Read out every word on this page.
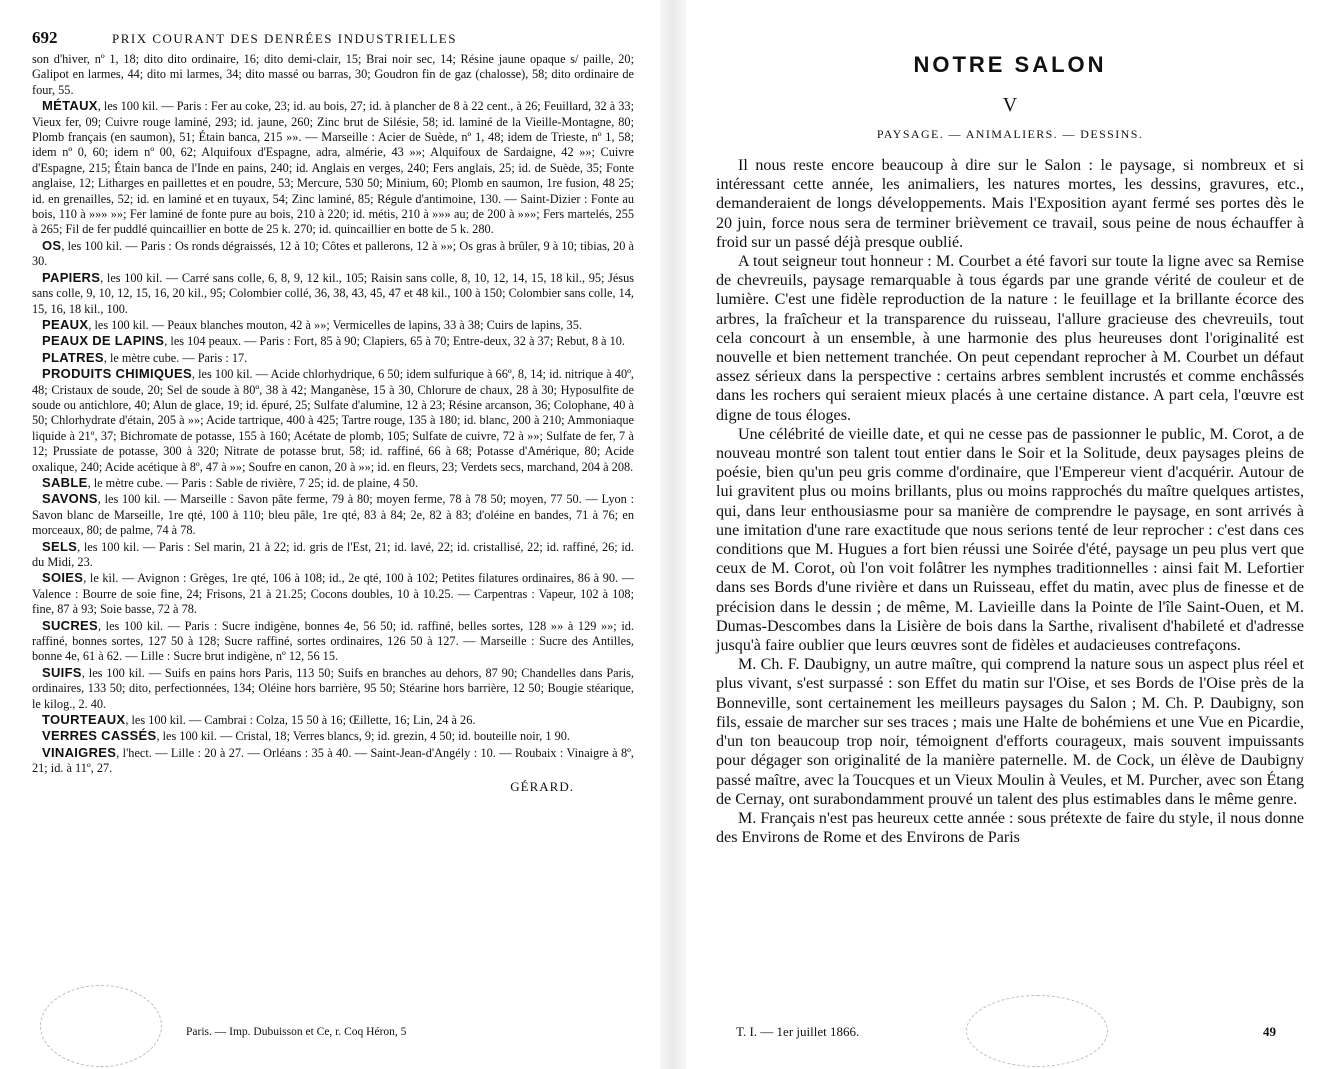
692	PRIX COURANT DES DENRÉES INDUSTRIELLES

son d'hiver, nº 1, 18; dito dito ordinaire, 16; dito demi-clair, 15; Brai noir sec, 14; Résine jaune opaque s/ paille, 20; Galipot en larmes, 44; dito mi larmes, 34; dito massé ou barras, 30; Goudron fin de gaz (chalosse), 58; dito ordinaire de four, 55.

MÉTAUX, les 100 kil. — Paris : Fer au coke, 23; id. au bois, 27; id. à plancher de 8 à 22 cent., à 26; Feuillard, 32 à 33; Vieux fer, 09; Cuivre rouge laminé, 293; id. jaune, 260; Zinc brut de Silésie, 58; id. laminé de la Vieille-Montagne, 80; Plomb français (en saumon), 51; Étain banca, 215 »». — Marseille : Acier de Suède, nº 1, 48; idem de Trieste, nº 1, 58; idem nº 0, 60; idem nº 00, 62; Alquifoux d'Espagne, adra, almérie, 43 »»; Alquifoux de Sardaigne, 42 »»; Cuivre d'Espagne, 215; Étain banca de l'Inde en pains, 240; id. Anglais en verges, 240; Fers anglais, 25; id. de Suède, 35; Fonte anglaise, 12; Litharges en paillettes et en poudre, 53; Mercure, 530 50; Minium, 60; Plomb en saumon, 1re fusion, 48 25; id. en grenailles, 52; id. en laminé et en tuyaux, 54; Zinc laminé, 85; Régule d'antimoine, 130. — Saint-Dizier : Fonte au bois, 110 à »»» »»; Fer laminé de fonte pure au bois, 210 à 220; id. métis, 210 à »»» au; de 200 à »»»; Fers martelés, 255 à 265; Fil de fer puddlé quincaillier en botte de 25 k. 270; id. quincaillier en botte de 5 k. 280.

OS, les 100 kil. — Paris : Os ronds dégraissés, 12 à 10; Côtes et pallerons, 12 à »»; Os gras à brûler, 9 à 10; tibias, 20 à 30.

PAPIERS, les 100 kil. — Carré sans colle, 6, 8, 9, 12 kil., 105; Raisin sans colle, 8, 10, 12, 14, 15, 18 kil., 95; Jésus sans colle, 9, 10, 12, 15, 16, 20 kil., 95; Colombier collé, 36, 38, 43, 45, 47 et 48 kil., 100 à 150; Colombier sans colle, 14, 15, 16, 18 kil., 100.

PEAUX, les 100 kil. — Peaux blanches mouton, 42 à »»; Vermicelles de lapins, 33 à 38; Cuirs de lapins, 35.

PEAUX DE LAPINS, les 104 peaux. — Paris : Fort, 85 à 90; Clapiers, 65 à 70; Entre-deux, 32 à 37; Rebut, 8 à 10.

PLATRES, le mètre cube. — Paris : 17.

PRODUITS CHIMIQUES, les 100 kil. — Acide chlorhydrique, 6 50; idem sulfurique à 66º, 8, 14; id. nitrique à 40º, 48; Cristaux de soude, 20; Sel de soude à 80º, 38 à 42; Manganèse, 15 à 30, Chlorure de chaux, 28 à 30; Hyposulfite de soude ou antichlore, 40; Alun de glace, 19; id. épuré, 25; Sulfate d'alumine, 12 à 23; Résine arcanson, 36; Colophane, 40 à 50; Chlorhydrate d'étain, 205 à »»; Acide tartrique, 400 à 425; Tartre rouge, 135 à 180; id. blanc, 200 à 210; Ammoniaque liquide à 21º, 37; Bichromate de potasse, 155 à 160; Acétate de plomb, 105; Sulfate de cuivre, 72 à »»; Sulfate de fer, 7 à 12; Prussiate de potasse, 300 à 320; Nitrate de potasse brut, 58; id. raffiné, 66 à 68; Potasse d'Amérique, 80; Acide oxalique, 240; Acide acétique à 8º, 47 à »»; Soufre en canon, 20 à »»; id. en fleurs, 23; Verdets secs, marchand, 204 à 208.

SABLE, le mètre cube. — Paris : Sable de rivière, 7 25; id. de plaine, 4 50.

SAVONS, les 100 kil. — Marseille : Savon pâte ferme, 79 à 80; moyen ferme, 78 à 78 50; moyen, 77 50. — Lyon : Savon blanc de Marseille, 1re qté, 100 à 110; bleu pâle, 1re qté, 83 à 84; 2e, 82 à 83; d'oléine en bandes, 71 à 76; en morceaux, 80; de palme, 74 à 78.

SELS, les 100 kil. — Paris : Sel marin, 21 à 22; id. gris de l'Est, 21; id. lavé, 22; id. cristallisé, 22; id. raffiné, 26; id. du Midi, 23.

SOIES, le kil. — Avignon : Grèges, 1re qté, 106 à 108; id., 2e qté, 100 à 102; Petites filatures ordinaires, 86 à 90. — Valence : Bourre de soie fine, 24; Frisons, 21 à 21.25; Cocons doubles, 10 à 10.25. — Carpentras : Vapeur, 102 à 108; fine, 87 à 93; Soie basse, 72 à 78.

SUCRES, les 100 kil. — Paris : Sucre indigène, bonnes 4e, 56 50; id. raffiné, belles sortes, 128 »» à 129 »»; id. raffiné, bonnes sortes, 127 50 à 128; Sucre raffiné, sortes ordinaires, 126 50 à 127. — Marseille : Sucre des Antilles, bonne 4e, 61 à 62. — Lille : Sucre brut indigène, nº 12, 56 15.

SUIFS, les 100 kil. — Suifs en pains hors Paris, 113 50; Suifs en branches au dehors, 87 90; Chandelles dans Paris, ordinaires, 133 50; dito, perfectionnées, 134; Oléine hors barrière, 95 50; Stéarine hors barrière, 12 50; Bougie stéarique, le kilog., 2. 40.

TOURTEAUX, les 100 kil. — Cambrai : Colza, 15 50 à 16; Œillette, 16; Lin, 24 à 26.

VERRES CASSÉS, les 100 kil. — Cristal, 18; Verres blancs, 9; id. grezin, 4 50; id. bouteille noir, 1 90.

VINAIGRES, l'hect. — Lille : 20 à 27. — Orléans : 35 à 40. — Saint-Jean-d'Angély : 10. — Roubaix : Vinaigre à 8º, 21; id. à 11º, 27.

GÉRARD.
Paris. — Imp. Dubuisson et Ce, r. Coq Héron, 5
NOTRE SALON
V
PAYSAGE. — ANIMALIERS. — DESSINS.

Il nous reste encore beaucoup à dire sur le Salon : le paysage, si nombreux et si intéressant cette année, les animaliers, les natures mortes, les dessins, gravures, etc., demanderaient de longs développements. Mais l'Exposition ayant fermé ses portes dès le 20 juin, force nous sera de terminer brièvement ce travail, sous peine de nous échauffer à froid sur un passé déjà presque oublié.

A tout seigneur tout honneur : M. Courbet a été favori sur toute la ligne avec sa Remise de chevreuils, paysage remarquable à tous égards par une grande vérité de couleur et de lumière. C'est une fidèle reproduction de la nature : le feuillage et la brillante écorce des arbres, la fraîcheur et la transparence du ruisseau, l'allure gracieuse des chevreuils, tout cela concourt à un ensemble, à une harmonie des plus heureuses dont l'originalité est nouvelle et bien nettement tranchée. On peut cependant reprocher à M. Courbet un défaut assez sérieux dans la perspective : certains arbres semblent incrustés et comme enchâssés dans les rochers qui seraient mieux placés à une certaine distance. A part cela, l'œuvre est digne de tous éloges.

Une célébrité de vieille date, et qui ne cesse pas de passionner le public, M. Corot, a de nouveau montré son talent tout entier dans le Soir et la Solitude, deux paysages pleins de poésie, bien qu'un peu gris comme d'ordinaire, que l'Empereur vient d'acquérir. Autour de lui gravitent plus ou moins brillants, plus ou moins rapprochés du maître quelques artistes, qui, dans leur enthousiasme pour sa manière de comprendre le paysage, en sont arrivés à une imitation d'une rare exactitude que nous serions tenté de leur reprocher : c'est dans ces conditions que M. Hugues a fort bien réussi une Soirée d'été, paysage un peu plus vert que ceux de M. Corot, où l'on voit folâtrer les nymphes traditionnelles : ainsi fait M. Lefortier dans ses Bords d'une rivière et dans un Ruisseau, effet du matin, avec plus de finesse et de précision dans le dessin ; de même, M. Lavieille dans la Pointe de l'île Saint-Ouen, et M. Dumas-Descombes dans la Lisière de bois dans la Sarthe, rivalisent d'habileté et d'adresse jusqu'à faire oublier que leurs œuvres sont de fidèles et audacieuses contrefaçons.

M. Ch. F. Daubigny, un autre maître, qui comprend la nature sous un aspect plus réel et plus vivant, s'est surpassé : son Effet du matin sur l'Oise, et ses Bords de l'Oise près de la Bonneville, sont certainement les meilleurs paysages du Salon ; M. Ch. P. Daubigny, son fils, essaie de marcher sur ses traces ; mais une Halte de bohémiens et une Vue en Picardie, d'un ton beaucoup trop noir, témoignent d'efforts courageux, mais souvent impuissants pour dégager son originalité de la manière paternelle. M. de Cock, un élève de Daubigny passé maître, avec la Toucques et un Vieux Moulin à Veules, et M. Purcher, avec son Étang de Cernay, ont surabondamment prouvé un talent des plus estimables dans le même genre.

M. Français n'est pas heureux cette année : sous prétexte de faire du style, il nous donne des Environs de Rome et des Environs de Paris

T. I. — 1er juillet 1866.	49
